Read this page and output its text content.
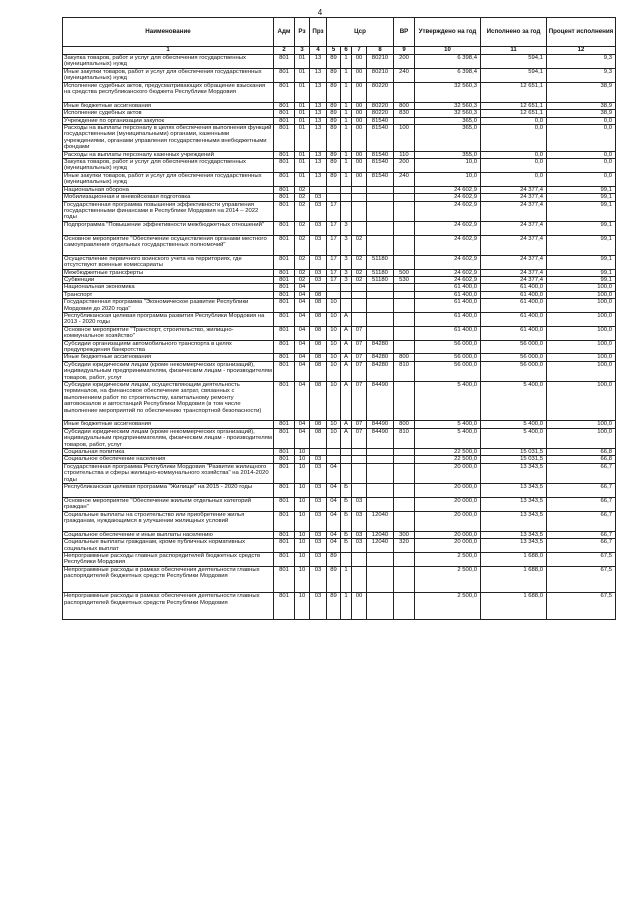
4
Наименование	Адм	Рз	Прз	Цср				ВР	Утверждено на год	Исполнено за год	Процент исполнения
1	2	3	4	5	6	7	8	9	10	11	12
Закупка товаров, работ и услуг для обеспечения государственных (муниципальных) нужд	801	01	13	89	1	00	80210	200	6 398,4	594,1	9,3
Иные закупки товаров, работ и услуг для обеспечения государственных (муниципальных) нужд	801	01	13	89	1	00	80210	240	6 398,4	594,1	9,3
Исполнение судебных актов, предусматривающих обращение взыскания на средства республиканского бюджета Республики Мордовия	801	01	13	89	1	00	80220		32 560,3	12 651,1	38,9
Иные бюджетные ассигнования	801	01	13	89	1	00	80220	800	32 560,3	12 651,1	38,9
Исполнение судебных актов	801	01	13	89	1	00	80220	830	32 560,3	12 651,1	38,9
Учреждение по организации закупок	801	01	13	89	1	00	81540		365,0	0,0	0,0
Расходы на выплаты персоналу в целях обеспечения выполнения функций государственными (муниципальными) органами, казенными учреждениями, органами управления государственными внебюджетными фондами	801	01	13	89	1	00	81540	100	365,0	0,0	0,0
Расходы на выплаты персоналу казенных учреждений	801	01	13	89	1	00	81540	110	355,0	0,0	0,0
Закупка товаров, работ и услуг для обеспечения государственных (муниципальных) нужд	801	01	13	89	1	00	81540	200	10,0	0,0	0,0
Иные закупки товаров, работ и услуг для обеспечения государственных (муниципальных) нужд	801	01	13	89	1	00	81540	240	10,0	0,0	0,0
Национальная оборона	801	02							24 602,9	24 377,4	99,1
Мобилизационная и вневойсковая подготовка	801	02	03						24 602,9	24 377,4	99,1
Государственная программа повышения эффективности управления государственными финансами в Республике Мордовия на 2014 – 2022 годы	801	02	03	17					24 602,9	24 377,4	99,1
Подпрограмма "Повышение эффективности межбюджетных отношений"	801	02	03	17	3				24 602,9	24 377,4	99,1
Основное мероприятие "Обеспечение осуществления органами местного самоуправления отдельных государственных полномочий"	801	02	03	17	3	02			24 602,9	24 377,4	99,1
Осуществление первичного воинского учета на территориях, где отсутствуют военные комиссариаты	801	02	03	17	3	02	51180		24 602,9	24 377,4	99,1
Межбюджетные трансферты	801	02	03	17	3	02	51180	500	24 602,9	24 377,4	99,1
Субвенции	801	02	03	17	3	02	51180	530	24 602,9	24 377,4	99,1
Национальная экономика	801	04							61 400,0	61 400,0	100,0
Транспорт	801	04	08						61 400,0	61 400,0	100,0
Государственная программа "Экономическое развитие Республики Мордовия до 2020 года"	801	04	08	10					61 400,0	61 400,0	100,0
Республиканская целевая программа развития Республики Мордовия на 2013 - 2020 годы	801	04	08	10	А				61 400,0	61 400,0	100,0
Основное мероприятие "Транспорт, строительство, жилищно-коммунальное хозяйство"	801	04	08	10	А	07			61 400,0	61 400,0	100,0
Субсидии организациям автомобильного транспорта в целях предупреждения банкротства	801	04	08	10	А	07	84280		56 000,0	56 000,0	100,0
Иные бюджетные ассигнования	801	04	08	10	А	07	84280	800	56 000,0	56 000,0	100,0
Субсидии юридическим лицам (кроме некоммерческих организаций), индивидуальным предпринимателям, физическим лицам - производителям товаров, работ, услуг	801	04	08	10	А	07	84280	810	56 000,0	56 000,0	100,0
Субсидии юридическим лицам, осуществляющим деятельность терминалов, на финансовое обеспечение затрат, связанных с выполнением работ по строительству, капитальному ремонту автовокзалов и автостанций Республики Мордовия (в том числе выполнение мероприятий по обеспечению транспортной безопасности)	801	04	08	10	А	07	84490		5 400,0	5 400,0	100,0
Иные бюджетные ассигнования	801	04	08	10	А	07	84490	800	5 400,0	5 400,0	100,0
Субсидии юридическим лицам (кроме некоммерческих организаций), индивидуальным предпринимателям, физическим лицам - производителям товаров, работ, услуг	801	04	08	10	А	07	84490	810	5 400,0	5 400,0	100,0
Социальная политика	801	10							22 500,0	15 031,5	66,8
Социальное обеспечение населения	801	10	03						22 500,0	15 031,5	66,8
Государственная программа Республики Мордовия "Развитие жилищного строительства и сферы жилищно-коммунального хозяйства" на 2014-2020 годы	801	10	03	04					20 000,0	13 343,5	66,7
Республиканская целевая программа "Жилище" на 2015 - 2020 годы	801	10	03	04	Б				20 000,0	13 343,5	66,7
Основное мероприятие "Обеспечение жильем отдельных категорий граждан"	801	10	03	04	Б	03			20 000,0	13 343,5	66,7
Социальные выплаты на строительство или приобретение жилья гражданам, нуждающимся в улучшении жилищных условий	801	10	03	04	Б	03	12040		20 000,0	13 343,5	66,7
Социальное обеспечение и иные выплаты населению	801	10	03	04	Б	03	12040	300	20 000,0	13 343,5	66,7
Социальные выплаты гражданам, кроме публичных нормативных социальных выплат	801	10	03	04	Б	03	12040	320	20 000,0	13 343,5	66,7
Непрограммные расходы главных распорядителей бюджетных средств Республики Мордовия	801	10	03	89					2 500,0	1 688,0	67,5
Непрограммные расходы в рамках обеспечения деятельности главных распорядителей бюджетных средств Республики Мордовия	801	10	03	89	1				2 500,0	1 688,0	67,5
Непрограммные расходы в рамках обеспечения деятельности главных распорядителей бюджетных средств Республики Мордовия	801	10	03	89	1	00			2 500,0	1 688,0	67,5
